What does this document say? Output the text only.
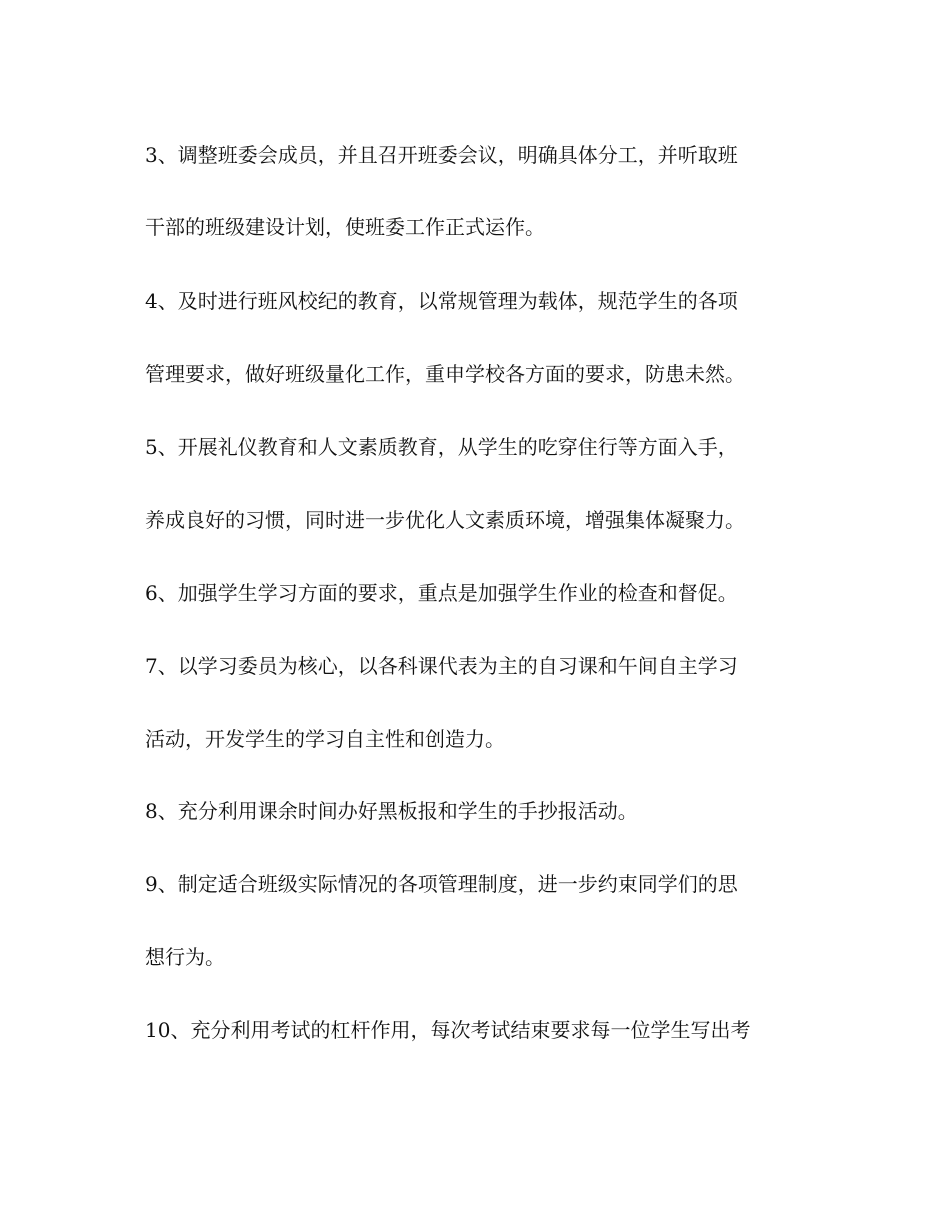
3、调整班委会成员，并且召开班委会议，明确具体分工，并听取班

干部的班级建设计划，使班委工作正式运作。

4、及时进行班风校纪的教育，以常规管理为载体，规范学生的各项

管理要求，做好班级量化工作，重申学校各方面的要求，防患未然。

5、开展礼仪教育和人文素质教育，从学生的吃穿住行等方面入手，

养成良好的习惯，同时进一步优化人文素质环境，增强集体凝聚力。

6、加强学生学习方面的要求，重点是加强学生作业的检查和督促。

7、以学习委员为核心，以各科课代表为主的自习课和午间自主学习

活动，开发学生的学习自主性和创造力。

8、充分利用课余时间办好黑板报和学生的手抄报活动。

9、制定适合班级实际情况的各项管理制度，进一步约束同学们的思

想行为。

10、充分利用考试的杠杆作用，每次考试结束要求每一位学生写出考
